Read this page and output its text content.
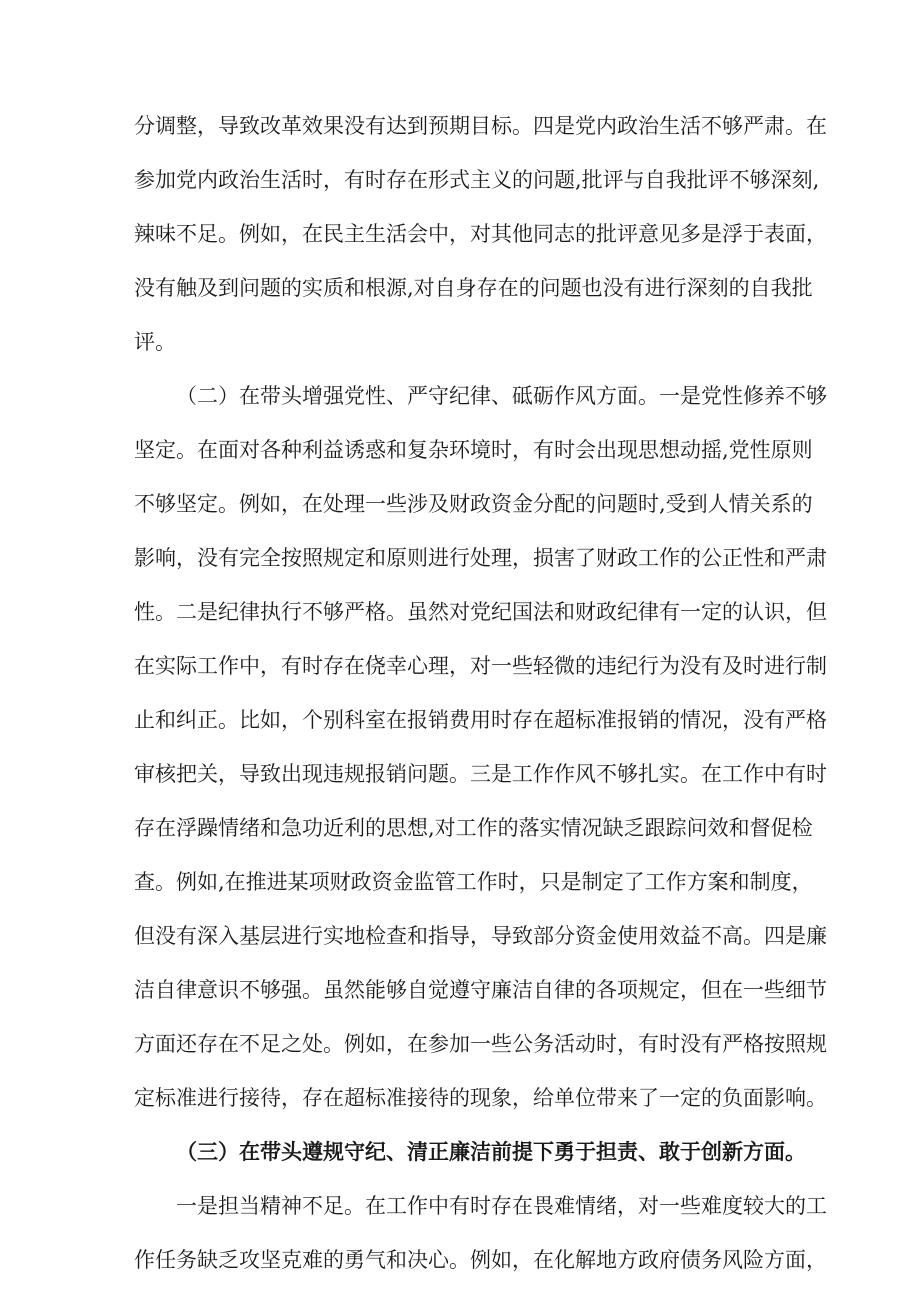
分调整，导致改革效果没有达到预期目标。四是党内政治生活不够严肃。在
参加党内政治生活时，有时存在形式主义的问题,批评与自我批评不够深刻,
辣味不足。例如，在民主生活会中，对其他同志的批评意见多是浮于表面，
没有触及到问题的实质和根源,对自身存在的问题也没有进行深刻的自我批
评。
（二）在带头增强党性、严守纪律、砥砺作风方面。一是党性修养不够
坚定。在面对各种利益诱惑和复杂环境时，有时会出现思想动摇,党性原则
不够坚定。例如，在处理一些涉及财政资金分配的问题时,受到人情关系的
影响，没有完全按照规定和原则进行处理，损害了财政工作的公正性和严肃
性。二是纪律执行不够严格。虽然对党纪国法和财政纪律有一定的认识，但
在实际工作中，有时存在侥幸心理，对一些轻微的违纪行为没有及时进行制
止和纠正。比如，个别科室在报销费用时存在超标准报销的情况，没有严格
审核把关，导致出现违规报销问题。三是工作作风不够扎实。在工作中有时
存在浮躁情绪和急功近利的思想,对工作的落实情况缺乏跟踪问效和督促检
查。例如,在推进某项财政资金监管工作时，只是制定了工作方案和制度，
但没有深入基层进行实地检查和指导，导致部分资金使用效益不高。四是廉
洁自律意识不够强。虽然能够自觉遵守廉洁自律的各项规定，但在一些细节
方面还存在不足之处。例如，在参加一些公务活动时，有时没有严格按照规
定标准进行接待，存在超标准接待的现象，给单位带来了一定的负面影响。
（三）在带头遵规守纪、清正廉洁前提下勇于担责、敢于创新方面。
一是担当精神不足。在工作中有时存在畏难情绪，对一些难度较大的工
作任务缺乏攻坚克难的勇气和决心。例如，在化解地方政府债务风险方面，
